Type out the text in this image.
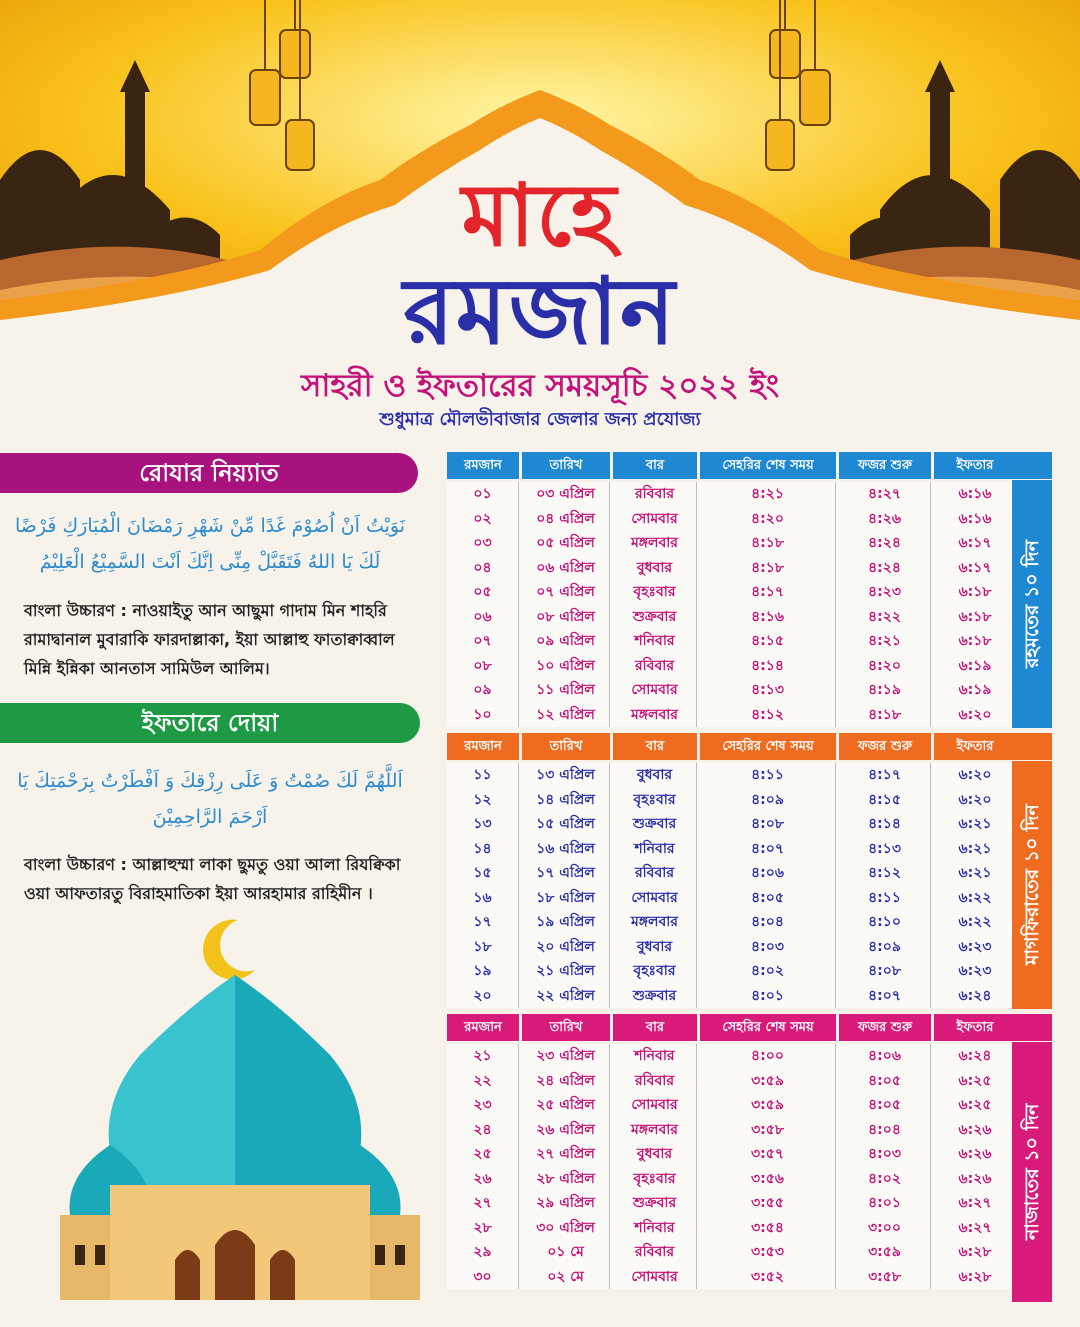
মাহে
রমজান
সাহরী ও ইফতারের সময়সূচি ২০২২ ইং
শুধুমাত্র মৌলভীবাজার জেলার জন্য প্রযোজ্য
রোযার নিয়্যাত
نَوَيْتُ اَنْ اُصُوْمَ غَدًا مِّنْ شَهْرِ رَمْضَانَ الْمُبَارَكِ فَرْضًا
لَكَ يَا اللهُ فَتَقَبَّلْ مِنِّى اِنَّكَ اَنْتَ السَّمِيْعُ الْعَلِيْمُ
বাংলা উচ্চারণ : নাওয়াইতু আন আছুমা গাদাম মিন শাহরি রামাদ্বানাল মুবারাকি ফারদাল্লাকা, ইয়া আল্লাহু ফাতাক্বাব্বাল মিন্নি ইন্নিকা আনতাস সামিউল আলিম।
ইফতারে দোয়া
اَللَّهُمَّ لَكَ صُمْتُ وَ عَلَى رِزْقِكَ وَ اَفْطَرْتُ بِرَحْمَتِكَ يَا
اَرْحَمَ الرَّاحِمِيْنَ
বাংলা উচ্চারণ : আল্লাহুম্মা লাকা ছুমতু ওয়া আলা রিযক্বিকা ওয়া আফতারতু বিরাহমাতিকা ইয়া আরহামার রাহিমীন ।
রমজান	তারিখ	বার	সেহরির শেষ সময়	ফজর শুরু	ইফতার
০১	০৩ এপ্রিল	রবিবার	৪:২১	৪:২৭	৬:১৬
০২	০৪ এপ্রিল	সোমবার	৪:২০	৪:২৬	৬:১৬
০৩	০৫ এপ্রিল	মঙ্গলবার	৪:১৮	৪:২৪	৬:১৭
০৪	০৬ এপ্রিল	বুধবার	৪:১৮	৪:২৪	৬:১৭
০৫	০৭ এপ্রিল	বৃহঃবার	৪:১৭	৪:২৩	৬:১৮
০৬	০৮ এপ্রিল	শুক্রবার	৪:১৬	৪:২২	৬:১৮
০৭	০৯ এপ্রিল	শনিবার	৪:১৫	৪:২১	৬:১৮
০৮	১০ এপ্রিল	রবিবার	৪:১৪	৪:২০	৬:১৯
০৯	১১ এপ্রিল	সোমবার	৪:১৩	৪:১৯	৬:১৯
১০	১২ এপ্রিল	মঙ্গলবার	৪:১২	৪:১৮	৬:২০
রহমতের ১০ দিন
রমজান	তারিখ	বার	সেহরির শেষ সময়	ফজর শুরু	ইফতার
১১	১৩ এপ্রিল	বুধবার	৪:১১	৪:১৭	৬:২০
১২	১৪ এপ্রিল	বৃহঃবার	৪:০৯	৪:১৫	৬:২০
১৩	১৫ এপ্রিল	শুক্রবার	৪:০৮	৪:১৪	৬:২১
১৪	১৬ এপ্রিল	শনিবার	৪:০৭	৪:১৩	৬:২১
১৫	১৭ এপ্রিল	রবিবার	৪:০৬	৪:১২	৬:২১
১৬	১৮ এপ্রিল	সোমবার	৪:০৫	৪:১১	৬:২২
১৭	১৯ এপ্রিল	মঙ্গলবার	৪:০৪	৪:১০	৬:২২
১৮	২০ এপ্রিল	বুধবার	৪:০৩	৪:০৯	৬:২৩
১৯	২১ এপ্রিল	বৃহঃবার	৪:০২	৪:০৮	৬:২৩
২০	২২ এপ্রিল	শুক্রবার	৪:০১	৪:০৭	৬:২৪
মাগফিরাতের ১০ দিন
রমজান	তারিখ	বার	সেহরির শেষ সময়	ফজর শুরু	ইফতার
২১	২৩ এপ্রিল	শনিবার	৪:০০	৪:০৬	৬:২৪
২২	২৪ এপ্রিল	রবিবার	৩:৫৯	৪:০৫	৬:২৫
২৩	২৫ এপ্রিল	সোমবার	৩:৫৯	৪:০৫	৬:২৫
২৪	২৬ এপ্রিল	মঙ্গলবার	৩:৫৮	৪:০৪	৬:২৬
২৫	২৭ এপ্রিল	বুধবার	৩:৫৭	৪:০৩	৬:২৬
২৬	২৮ এপ্রিল	বৃহঃবার	৩:৫৬	৪:০২	৬:২৬
২৭	২৯ এপ্রিল	শুক্রবার	৩:৫৫	৪:০১	৬:২৭
২৮	৩০ এপ্রিল	শনিবার	৩:৫৪	৩:০০	৬:২৭
২৯	০১ মে	রবিবার	৩:৫৩	৩:৫৯	৬:২৮
৩০	০২ মে	সোমবার	৩:৫২	৩:৫৮	৬:২৮
নাজাতের ১০ দিন
